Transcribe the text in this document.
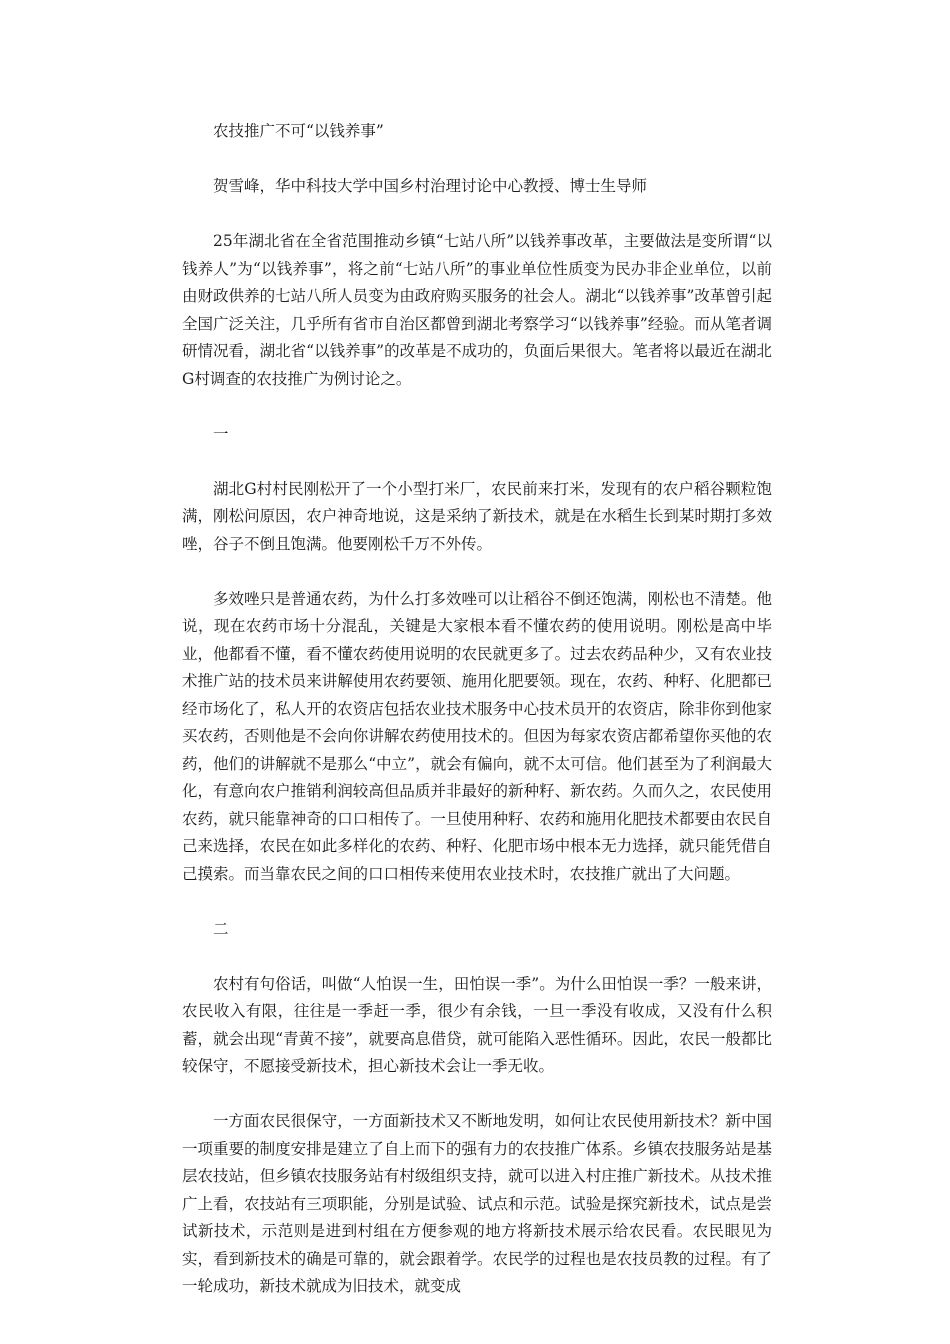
农技推广不可“以钱养事”

贺雪峰，华中科技大学中国乡村治理讨论中心教授、博士生导师

25年湖北省在全省范围推动乡镇“七站八所”以钱养事改革，主要做法是变所谓“以钱养人”为“以钱养事”，将之前“七站八所”的事业单位性质变为民办非企业单位，以前由财政供养的七站八所人员变为由政府购买服务的社会人。湖北“以钱养事”改革曾引起全国广泛关注，几乎所有省市自治区都曾到湖北考察学习“以钱养事”经验。而从笔者调研情况看，湖北省“以钱养事”的改革是不成功的，负面后果很大。笔者将以最近在湖北G村调查的农技推广为例讨论之。

一

湖北G村村民刚松开了一个小型打米厂，农民前来打米，发现有的农户稻谷颗粒饱满，刚松问原因，农户神奇地说，这是采纳了新技术，就是在水稻生长到某时期打多效唑，谷子不倒且饱满。他要刚松千万不外传。

多效唑只是普通农药，为什么打多效唑可以让稻谷不倒还饱满，刚松也不清楚。他说，现在农药市场十分混乱，关键是大家根本看不懂农药的使用说明。刚松是高中毕业，他都看不懂，看不懂农药使用说明的农民就更多了。过去农药品种少，又有农业技术推广站的技术员来讲解使用农药要领、施用化肥要领。现在，农药、种籽、化肥都已经市场化了，私人开的农资店包括农业技术服务中心技术员开的农资店，除非你到他家买农药，否则他是不会向你讲解农药使用技术的。但因为每家农资店都希望你买他的农药，他们的讲解就不是那么“中立”，就会有偏向，就不太可信。他们甚至为了利润最大化，有意向农户推销利润较高但品质并非最好的新种籽、新农药。久而久之，农民使用农药，就只能靠神奇的口口相传了。一旦使用种籽、农药和施用化肥技术都要由农民自己来选择，农民在如此多样化的农药、种籽、化肥市场中根本无力选择，就只能凭借自己摸索。而当靠农民之间的口口相传来使用农业技术时，农技推广就出了大问题。

二

农村有句俗话，叫做“人怕误一生，田怕误一季”。为什么田怕误一季？一般来讲，农民收入有限，往往是一季赶一季，很少有余钱，一旦一季没有收成，又没有什么积蓄，就会出现“青黄不接”，就要高息借贷，就可能陷入恶性循环。因此，农民一般都比较保守，不愿接受新技术，担心新技术会让一季无收。

一方面农民很保守，一方面新技术又不断地发明，如何让农民使用新技术？新中国一项重要的制度安排是建立了自上而下的强有力的农技推广体系。乡镇农技服务站是基层农技站，但乡镇农技服务站有村级组织支持，就可以进入村庄推广新技术。从技术推广上看，农技站有三项职能，分别是试验、试点和示范。试验是探究新技术，试点是尝试新技术，示范则是进到村组在方便参观的地方将新技术展示给农民看。农民眼见为实，看到新技术的确是可靠的，就会跟着学。农民学的过程也是农技员教的过程。有了一轮成功，新技术就成为旧技术，就变成
